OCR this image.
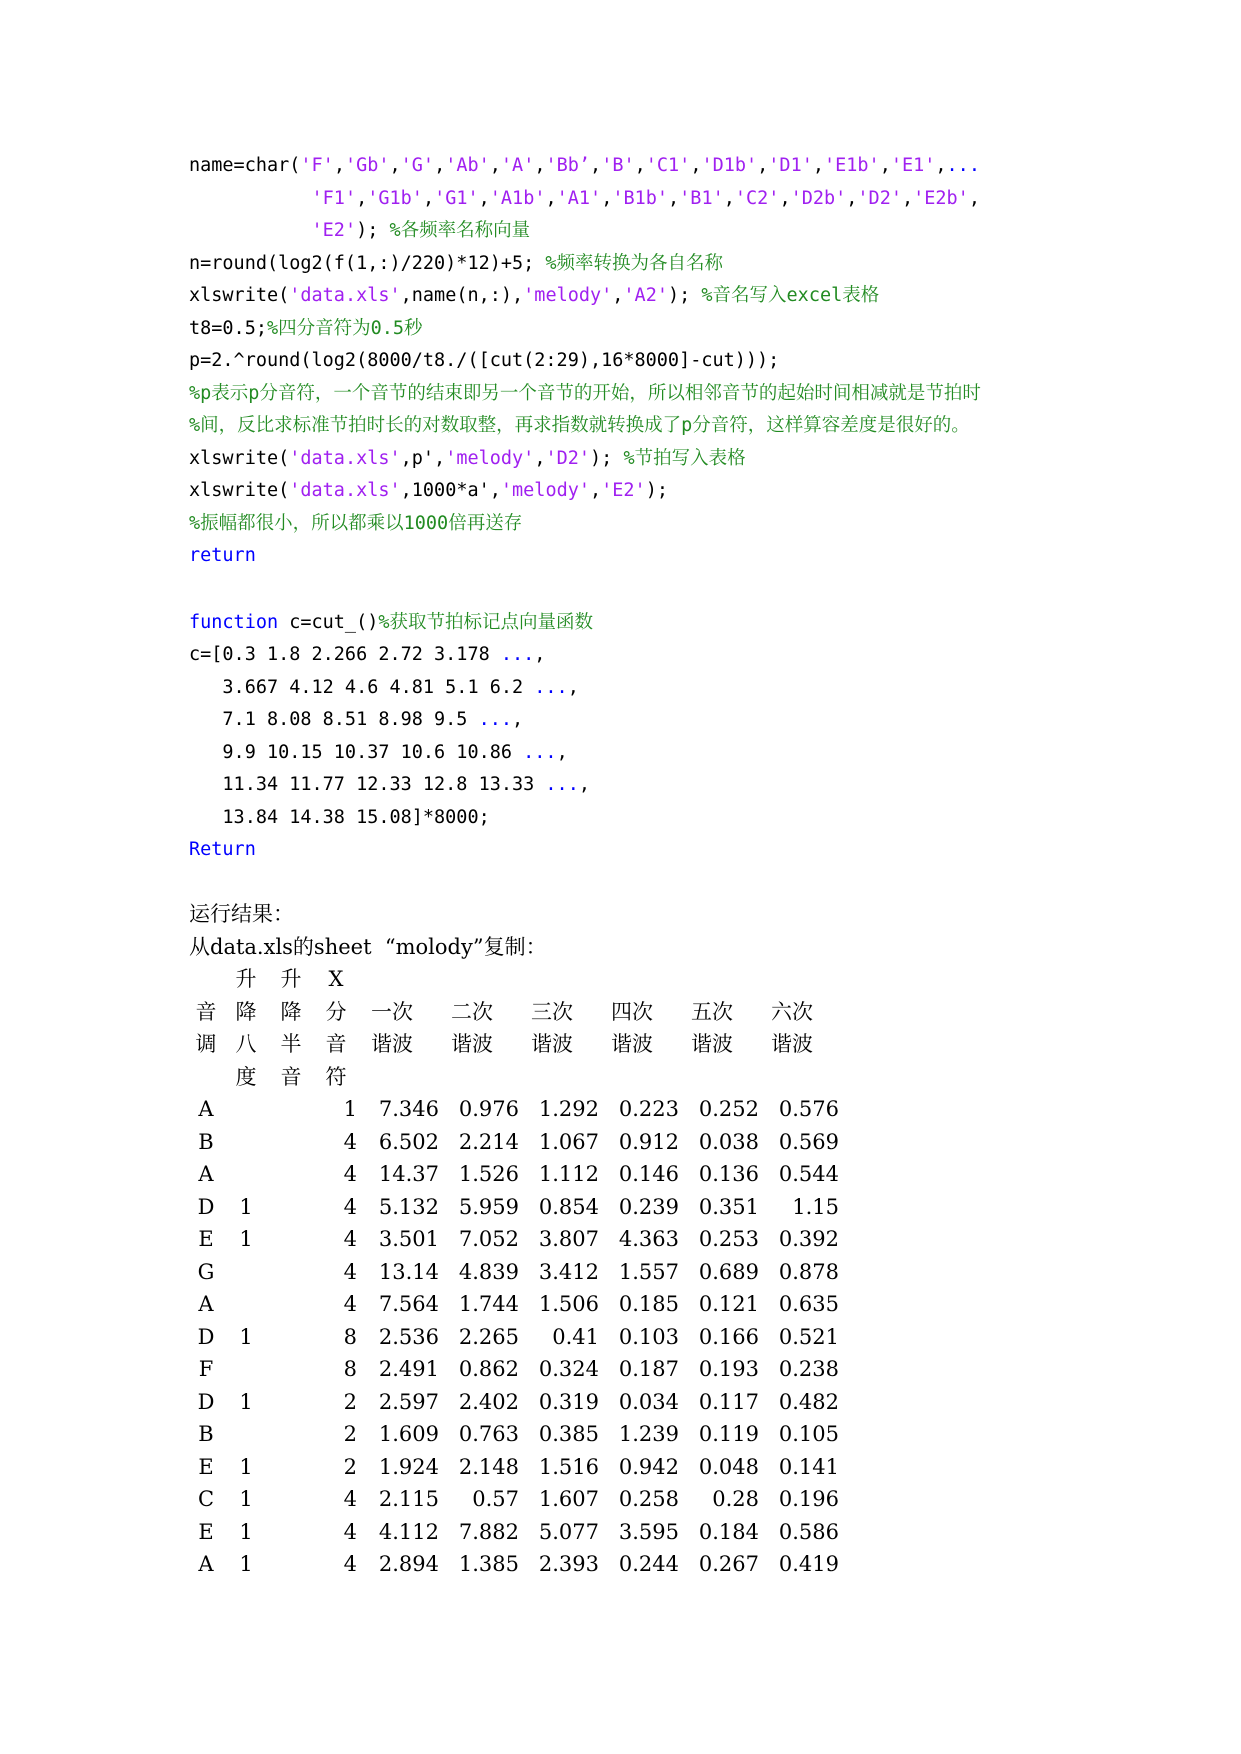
name=char('F','Gb','G','Ab','A','Bb’,'B','C1','D1b','D1','E1b','E1',...
'F1','G1b','G1','A1b','A1','B1b','B1','C2','D2b','D2','E2b',
'E2'); %各频率名称向量
n=round(log2(f(1,:)/220)*12)+5; %频率转换为各自名称
xlswrite('data.xls',name(n,:),'melody','A2'); %音名写入excel表格
t8=0.5;%四分音符为0.5秒
p=2.^round(log2(8000/t8./([cut(2:29),16*8000]-cut)));
%p表示p分音符，一个音节的结束即另一个音节的开始，所以相邻音节的起始时间相减就是节拍时
%间，反比求标准节拍时长的对数取整，再求指数就转换成了p分音符，这样算容差度是很好的。
xlswrite('data.xls',p','melody','D2'); %节拍写入表格
xlswrite('data.xls',1000*a','melody','E2');
%振幅都很小，所以都乘以1000倍再送存
return
function c=cut_()%获取节拍标记点向量函数
c=[0.3 1.8 2.266 2.72 3.178 ...,
3.667 4.12 4.6 4.81 5.1 6.2 ...,
7.1 8.08 8.51 8.98 9.5 ...,
9.9 10.15 10.37 10.6 10.86 ...,
11.34 11.77 12.33 12.8 13.33 ...,
13.84 14.38 15.08]*8000;
Return
运行结果：
从data.xls的sheet  “molody”复制：
	升	升	X						
音	降	降	分	一次	二次	三次	四次	五次	六次
调	八	半	音	谐波	谐波	谐波	谐波	谐波	谐波
	度	音	符						
A			1	7.346	0.976	1.292	0.223	0.252	0.576
B			4	6.502	2.214	1.067	0.912	0.038	0.569
A			4	14.37	1.526	1.112	0.146	0.136	0.544
D	1		4	5.132	5.959	0.854	0.239	0.351	1.15
E	1		4	3.501	7.052	3.807	4.363	0.253	0.392
G			4	13.14	4.839	3.412	1.557	0.689	0.878
A			4	7.564	1.744	1.506	0.185	0.121	0.635
D	1		8	2.536	2.265	0.41	0.103	0.166	0.521
F			8	2.491	0.862	0.324	0.187	0.193	0.238
D	1		2	2.597	2.402	0.319	0.034	0.117	0.482
B			2	1.609	0.763	0.385	1.239	0.119	0.105
E	1		2	1.924	2.148	1.516	0.942	0.048	0.141
C	1		4	2.115	0.57	1.607	0.258	0.28	0.196
E	1		4	4.112	7.882	5.077	3.595	0.184	0.586
A	1		4	2.894	1.385	2.393	0.244	0.267	0.419
